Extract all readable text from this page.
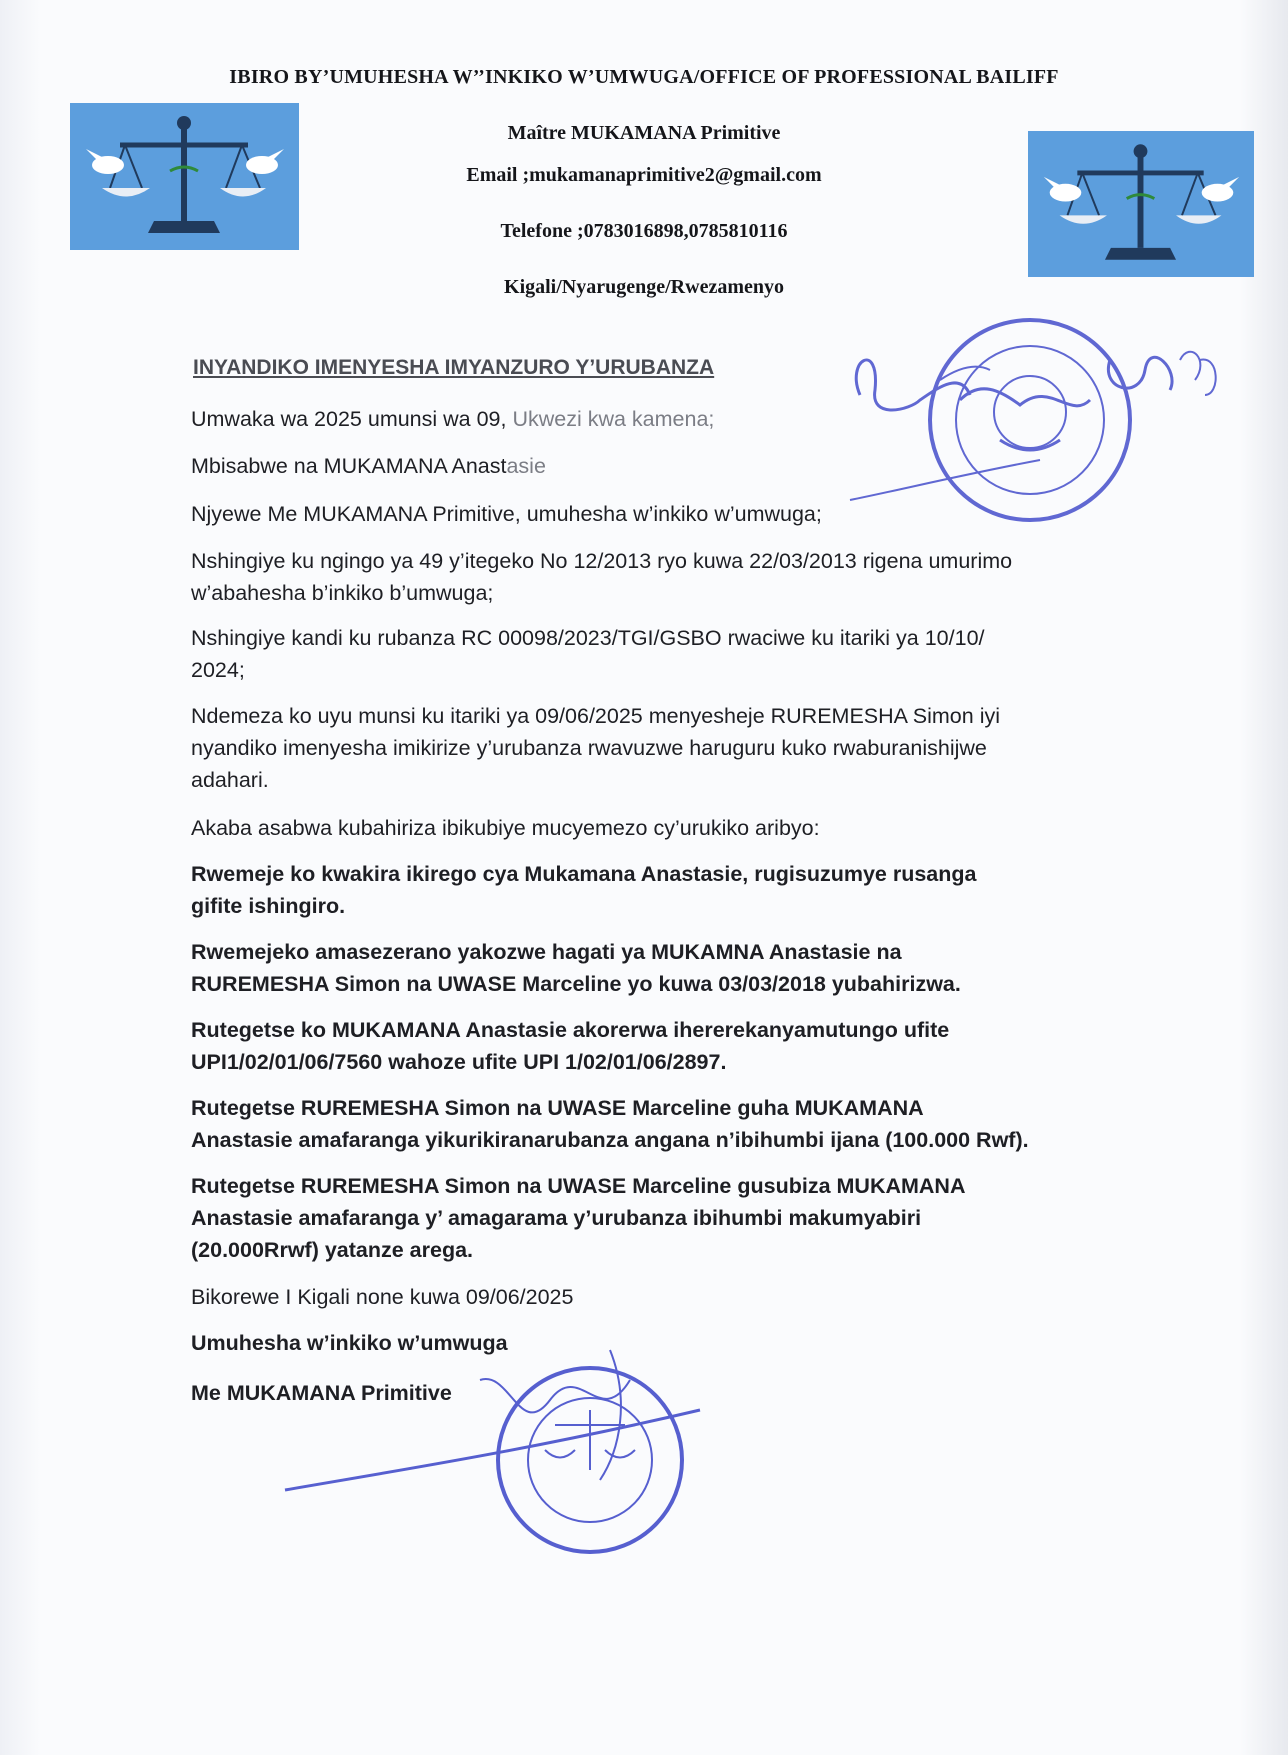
IBIRO BY’UMUHESHA W’’INKIKO W’UMWUGA/OFFICE OF PROFESSIONAL BAILIFF
Maître MUKAMANA Primitive
Email ;mukamanaprimitive2@gmail.com
Telefone ;0783016898,0785810116
Kigali/Nyarugenge/Rwezamenyo
INYANDIKO IMENYESHA IMYANZURO Y’URUBANZA
Umwaka wa 2025 umunsi wa 09, Ukwezi kwa kamena;
Mbisabwe na MUKAMANA Anastasie
Njyewe Me MUKAMANA Primitive, umuhesha w’inkiko w’umwuga;
Nshingiye ku ngingo ya 49 y’itegeko No 12/2013 ryo kuwa 22/03/2013 rigena umurimo
w’abahesha b’inkiko b’umwuga;
Nshingiye kandi ku rubanza RC 00098/2023/TGI/GSBO rwaciwe ku itariki ya 10/10/
2024;
Ndemeza ko uyu munsi ku itariki ya 09/06/2025 menyesheje RUREMESHA Simon iyi
nyandiko imenyesha imikirize y’urubanza rwavuzwe haruguru kuko rwaburanishijwe
adahari.
Akaba asabwa kubahiriza ibikubiye mucyemezo cy’urukiko aribyo:
Rwemeje ko kwakira ikirego cya Mukamana Anastasie, rugisuzumye rusanga
gifite ishingiro.
Rwemejeko amasezerano yakozwe hagati ya MUKAMNA Anastasie na
RUREMESHA Simon na UWASE Marceline yo kuwa 03/03/2018 yubahirizwa.
Rutegetse ko MUKAMANA Anastasie akorerwa ihererekanyamutungo ufite
UPI1/02/01/06/7560 wahoze ufite UPI 1/02/01/06/2897.
Rutegetse RUREMESHA Simon na UWASE Marceline guha MUKAMANA
Anastasie amafaranga yikurikiranarubanza angana n’ibihumbi ijana (100.000 Rwf).
Rutegetse RUREMESHA Simon na UWASE Marceline gusubiza MUKAMANA
Anastasie amafaranga y’ amagarama y’urubanza ibihumbi makumyabiri
(20.000Rrwf) yatanze arega.
Bikorewe I Kigali none kuwa 09/06/2025
Umuhesha w’inkiko w’umwuga
Me MUKAMANA Primitive
